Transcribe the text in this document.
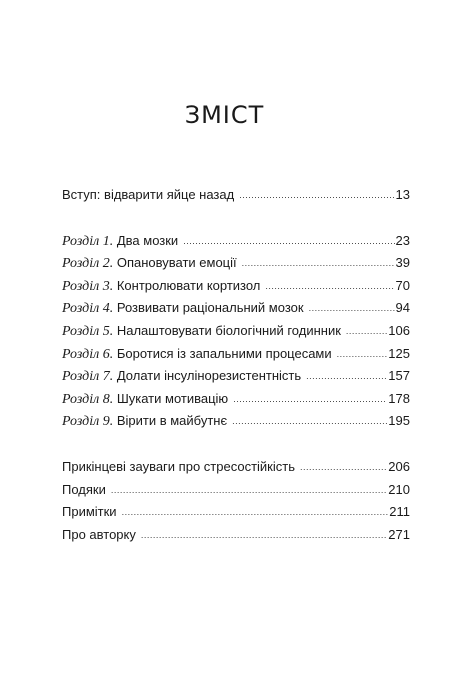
ЗМІСТ
Вступ: відварити яйце назад .....	13
Розділ 1. Два мозки .....	23
Розділ 2. Опановувати емоції .....	39
Розділ 3. Контролювати кортизол .....	70
Розділ 4. Розвивати раціональний мозок .....	94
Розділ 5. Налаштовувати біологічний годинник .....	106
Розділ 6. Боротися із запальними процесами .....	125
Розділ 7. Долати інсулінорезистентність .....	157
Розділ 8. Шукати мотивацію .....	178
Розділ 9. Вірити в майбутнє .....	195
Прикінцеві зауваги про стресостійкість .....	206
Подяки .....	210
Примітки .....	211
Про авторку .....	271
